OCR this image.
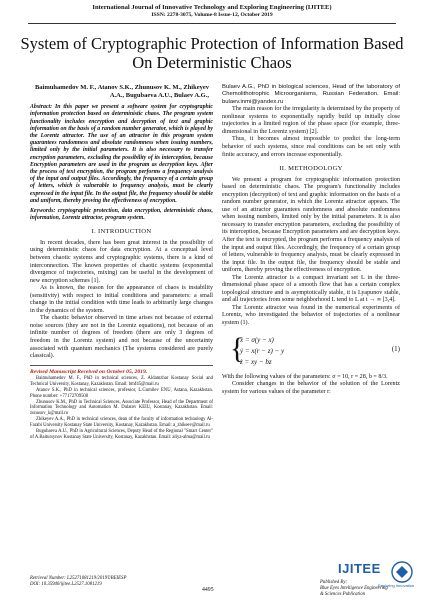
International Journal of Innovative Technology and Exploring Engineering (IJITEE)
ISSN: 2278-3075, Volume-8 Issue-12, October 2019
System of Cryptographic Protection of Information Based On Deterministic Chaos
Baimuhamedov M. F., Atanov S.K., Zhunusov K. M., Zhikeyev A.A., Bugubaeva A.U., Bulaev A.G.,
Abstract: In this paper we present a software system for cryptographic information protection based on deterministic chaos. The program system functionality includes encryption and decryption of text and graphic information on the basis of a random number generator, which is played by the Lorentz attractor. The use of an attractor in this program system guarantees randomness and absolute randomness when issuing numbers, limited only by the initial parameters. It is also necessary to transfer encryption parameters, excluding the possibility of its interception, because Encryption parameters are used in the program as decryption keys. After the process of text encryption, the program performs a frequency analysis of the input and output files. Accordingly, the frequency of a certain group of letters, which is vulnerable to frequency analysis, must be clearly expressed in the input file. In the output file, the frequency should be stable and uniform, thereby proving the effectiveness of encryption.
Keywords: cryptographic protection, data encryption, deterministic chaos, information, Lorentz attractor, program system.
I. INTRODUCTION

In recent decades, there has been great interest in the possibility of using deterministic chaos for data encryption. At a conceptual level between chaotic systems and cryptographic systems, there is a kind of interconnection. The known properties of chaotic systems (exponential divergence of trajectories, mixing) can be useful in the development of new encryption schemes [1].

As is known, the reason for the appearance of chaos is instability (sensitivity) with respect to initial conditions and parameters: a small change in the initial condition with time leads to arbitrarily large changes in the dynamics of the system.

The chaotic behavior observed in time arises not because of external noise sources (they are not in the Lorentz equations), not because of an infinite number of degrees of freedom (there are only 3 degrees of freedom in the Lorentz system) and not because of the uncertainty associated with quantum mechanics (The systems considered are purely classical).

Revised Manuscript Received on October 05, 2019.

Baimuhamedov M. F., PhD in technical sciences, Z. Aldamzhar Kostanay Social and Technical University, Kostanay, Kazakhstan. Email: bmf45@mail.ru

Atanov S.K., PhD in technical sciences, professor, L.Gumilev ENU, Astana, Kazakhstan. Phone number: +77172709500

Zhunusov K.M., PhD in Technical Sciences, Associate Professor, Head of the Department of Information Technology and Automation M. Dulatov KEIU, Kostanay, Kazakhstan. Email: zunusov_k@mail.ru

Zhikeyev A.A., PhD in technical sciences, dean of the faculty of information technology Al-Farabi University Kostanay State University, Kostanay, Kazakhstan. Email: a_zhikeev@mail.ru

Bugubaeva A.U., PhD in Agricultural Sciences, Deputy Head of the Regional "Smart Center" of A.Baitursynov Kostanay State University, Kostanay, Kazakhstan. Email: aliya-alma@mail.ru

Bulaev A.G., PhD in biological sciences, Head of the laboratory of Chemolithotrophic Microorganisms, Russian Federation. Email: bulaev.inmi@yandex.ru

The main reason for the irregularity is determined by the property of nonlinear systems to exponentially rapidly build up initially close trajectories in a limited region of the phase space (for example, three-dimensional in the Lorentz system) [2].

Thus, it becomes almost impossible to predict the long-term behavior of such systems, since real conditions can be set only with finite accuracy, and errors increase exponentially.

II. METHODOLOGY

We present a program for cryptographic information protection based on deterministic chaos. The program's functionality includes encryption (decryption) of text and graphic information on the basis of a random number generator, in which the Lorentz attractor appears. The use of an attractor guarantees randomness and absolute randomness when issuing numbers, limited only by the initial parameters. It is also necessary to transfer encryption parameters, excluding the possibility of its interception, because Encryption parameters and are decryption keys. After the text is encrypted, the program performs a frequency analysis of the input and output files. Accordingly, the frequency of a certain group of letters, vulnerable to frequency analysis, must be clearly expressed in the input file. In the output file, the frequency should be stable and uniform, thereby proving the effectiveness of encryption.

The Lorentz attractor is a compact invariant set L in the three-dimensional phase space of a smooth flow that has a certain complex topological structure and is asymptotically stable, it is Lyapunov stable, and all trajectories from some neighborhood L tend to L at t → ∞ [3,4].

The Lorentz attractor was found in the numerical experiments of Lorentz, who investigated the behavior of trajectories of a nonlinear system (1).

{
ẋ = σ(y − x)
ẏ = x(r − z) − y
ż = xy − bz
(1)

With the following values of the parameters: σ = 10, r = 28, b = 8/3.

Consider changes in the behavior of the solution of the Lorentz system for various values of the parameter r:

Retrieval Number: L25271081219/2019©BEIESP
DOI: 10.35940/ijitee.L2527.1081219
4495
Exploring Innovation
IJITEE
Published By:
Blue Eyes Intelligence Engineering
& Sciences Publication
